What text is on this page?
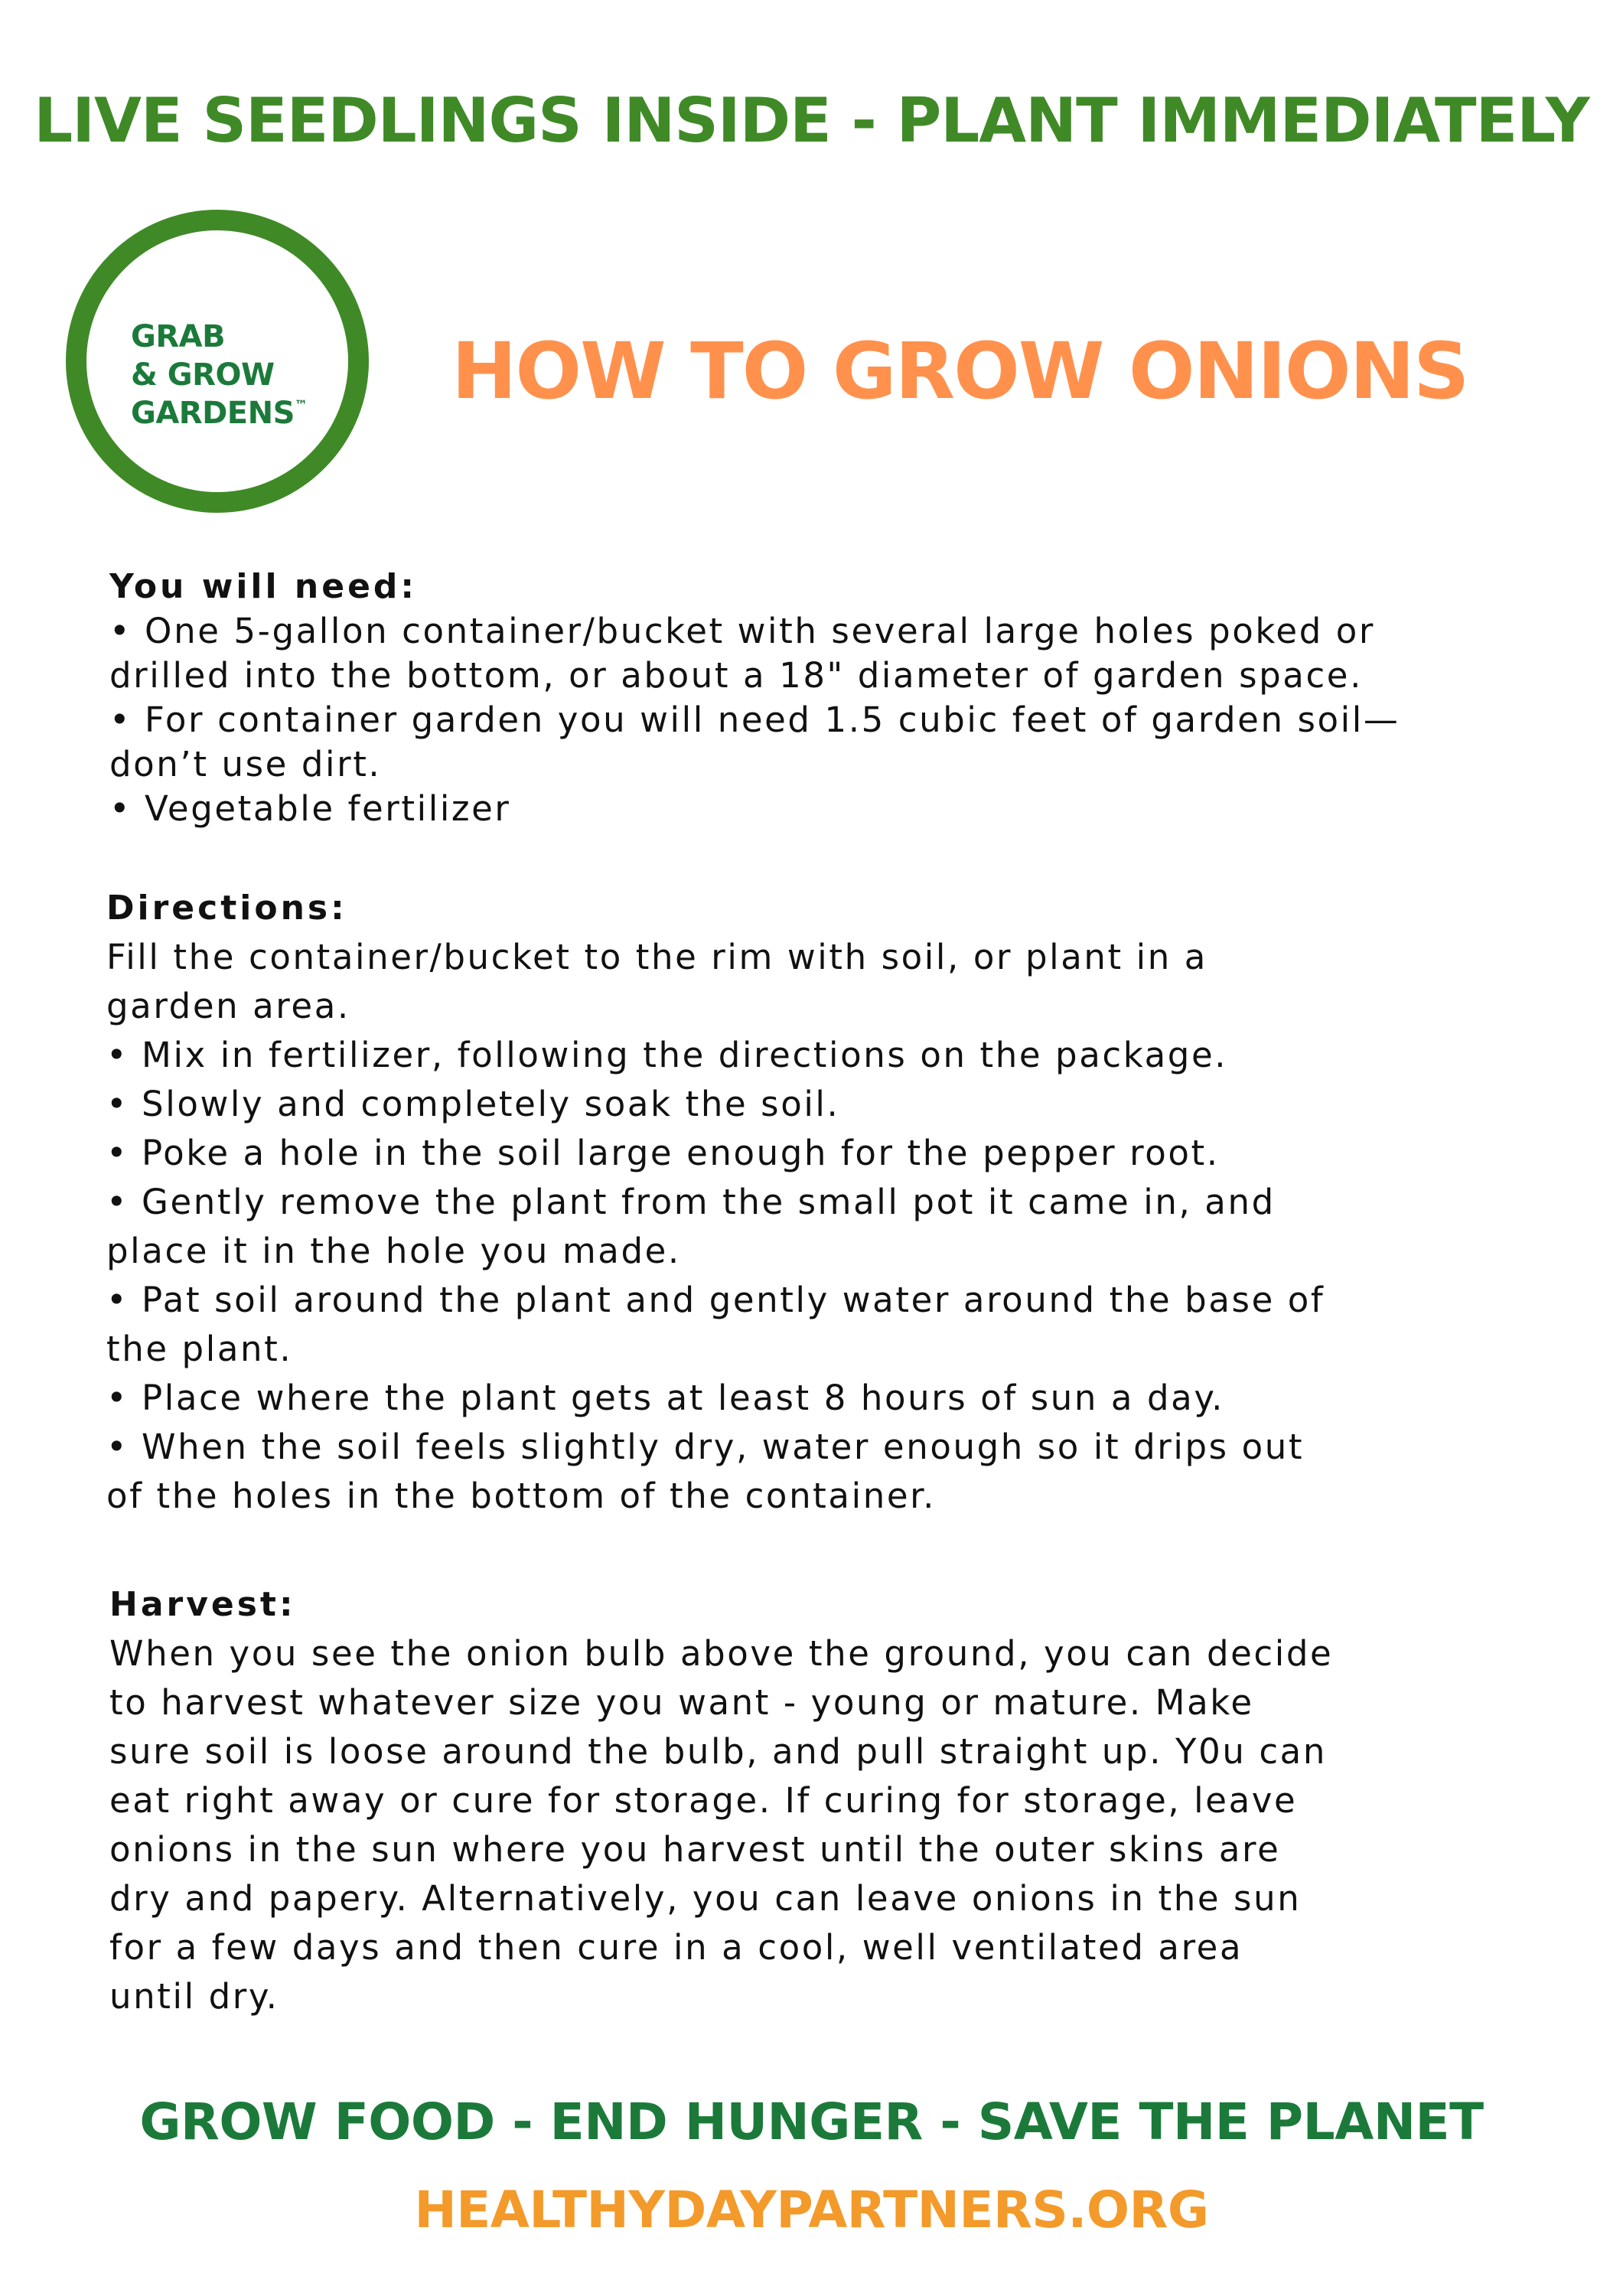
LIVE SEEDLINGS INSIDE - PLANT IMMEDIATELY
GRAB
& GROW
GARDENS™ HOW TO GROW ONIONS
You will need:
• One 5-gallon container/bucket with several large holes poked or
drilled into the bottom, or about a 18" diameter of garden space.
• For container garden you will need 1.5 cubic feet of garden soil—
don’t use dirt.
• Vegetable fertilizer
Directions:
Fill the container/bucket to the rim with soil, or plant in a
garden area.
• Mix in fertilizer, following the directions on the package.
• Slowly and completely soak the soil.
• Poke a hole in the soil large enough for the pepper root.
• Gently remove the plant from the small pot it came in, and
place it in the hole you made.
• Pat soil around the plant and gently water around the base of
the plant.
• Place where the plant gets at least 8 hours of sun a day.
• When the soil feels slightly dry, water enough so it drips out
of the holes in the bottom of the container.
Harvest:
When you see the onion bulb above the ground, you can decide
to harvest whatever size you want - young or mature. Make
sure soil is loose around the bulb, and pull straight up. Y0u can
eat right away or cure for storage. If curing for storage, leave
onions in the sun where you harvest until the outer skins are
dry and papery. Alternatively, you can leave onions in the sun
for a few days and then cure in a cool, well ventilated area
until dry.
GROW FOOD - END HUNGER - SAVE THE PLANET
HEALTHYDAYPARTNERS.ORG
